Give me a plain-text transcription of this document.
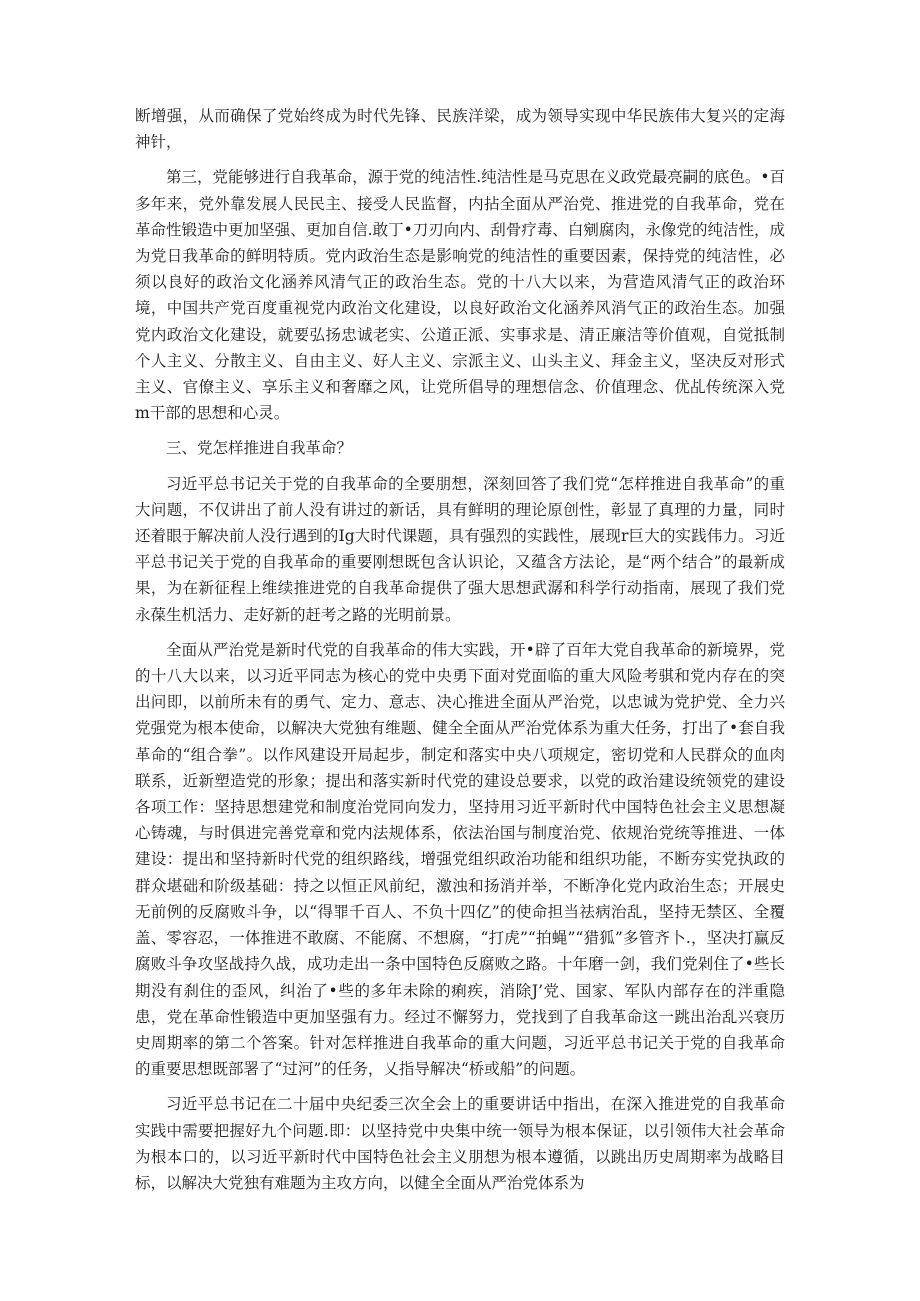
断增强，从而确保了党始终成为时代先锋、民族洋梁，成为领导实现中华民族伟大复兴的定海神针，

第三，党能够进行自我革命，源于党的纯洁性.纯洁性是马克思在义政党最亮嗣的底色。•百多年来，党外靠发展人民民主、接受人民监督，内拈全面从严治党、推进党的自我革命，党在革命性锻造中更加坚强、更加自信.敢丁•刀刃向内、刮骨疗毒、白剜腐肉，永像党的纯洁性，成为党日我革命的鲜明特质。党内政治生态是影响党的纯洁性的重要因素，保持党的纯洁性，必须以良好的政治文化涵养风清气正的政治生态。党的十八大以来，为营造风清气正的政治环境，中国共产党百度重视党内政治文化建设，以良好政治文化涵养风消气正的政治生态。加强党内政治文化建设，就要弘扬忠诚老实、公道正派、实事求是、清正廉洁等价值观，自觉抵制个人主义、分散主义、自由主义、好人主义、宗派主义、山头主义、拜金主义，坚决反对形式主义、官僚主义、享乐主义和奢靡之风，让党所倡导的理想信念、价值理念、优乩传统深入党m干部的思想和心灵。

三、党怎样推进自我革命？

习近平总书记关于党的自我革命的全要朋想，深刻回答了我们党“怎样推进自我革命”的重大问题，不仅讲出了前人没有讲过的新话，具有鲜明的理论原创性，彰显了真理的力量，同时还着眼于解决前人没行遇到的Ig大时代课题，具有强烈的实践性，展现r巨大的实践伟力。习近平总书记关于党的自我革命的重要刚想既包含认识论，又蕴含方法论，是“两个结合”的最新成果，为在新征程上维续推进党的自我革命提供了强大思想武潺和科学行动指南，展现了我们党永葆生机活力、走好新的赶考之路的光明前景。

全面从严治党是新时代党的自我革命的伟大实践，开•辟了百年大党自我革命的新境界，党的十八大以来，以习近平同志为核心的党中央勇下面对党面临的重大风险考骐和党内存在的突出问即，以前所未有的勇气、定力、意志、决心推进全面从严治党，以忠诚为党护党、全力兴党强党为根本使命，以解决大党独有维题、健全全面从严治党体系为重大任务，打出了•套自我革命的“组合拳”。以作风建设开局起步，制定和落实中央八项规定，密切党和人民群众的血肉联系，近新塑造党的形象；提出和落实新时代党的建设总要求，以党的政治建设统领党的建设各项工作：坚持思想建党和制度治党同向发力，坚持用习近平新时代中国特色社会主义思想凝心铸魂，与时俱进完善党章和党内法规体系，依法治国与制度治党、依规治党统等推进、一体建设：提出和坚持新时代党的组织路线，增强党组织政治功能和组织功能，不断夯实党执政的群众堪础和阶级基础：持之以恒正风前纪，激浊和扬消并举，不断净化党内政治生态；开展史无前例的反腐败斗争，以“得罪千百人、不负十四亿”的使命担当祛病治乱，坚持无禁区、全覆盖、零容忍，一体推进不敢腐、不能腐、不想腐，“打虎”“拍蝇”“猎狐”多管齐卜.，坚决打赢反腐败斗争攻坚战持久战，成功走出一条中国特色反腐败之路。十年磨一剑，我们党剁住了•些长期没有刹住的歪风，纠治了•些的多年未除的痢疾，消除J’党、国家、军队内部存在的泮重隐患，党在革命性锻造中更加坚强有力。经过不懈努力，党找到了自我革命这一跳出治乱兴衰历史周期率的第二个答案。针对怎样推进自我革命的重大问题，习近平总书记关于党的自我革命的重要思想既部署了“过河”的任务，乂指导解决“桥或船”的问题。

习近平总书记在二十届中央纪委三次全会上的重要讲话中指出，在深入推进党的自我革命实践中需要把握好九个问题.即：以坚持党中央集中统一领导为根本保证，以引领伟大社会革命为根本口的，以习近平新时代中国特色社会主义朋想为根本遵循，以跳出历史周期率为战略目标，以解决大党独有难题为主攻方向，以健全全面从严治党体系为
